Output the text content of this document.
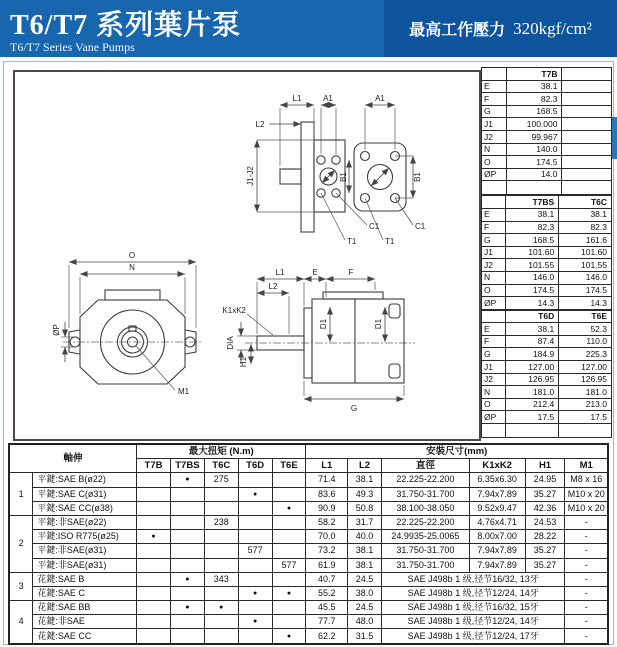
T6/T7 系列葉片泵
T6/T7 Series Vane Pumps
最高工作壓力 320kgf/cm²
L1
L2
A1	A1
J1-J2	B1	B1
C1
T1
C1
T1
O
N
ØP
M1
L1
L2
E	F
D1	D1
G
K1xK2
DIA
H1
	T7B	
E	38.1	
F	82.3	
G	168.5	
J1	100.000	
J2	99.967	
N	140.0	
O	174.5	
ØP	14.0	

	T7BS	T6C
E	38.1	38.1
F	82.3	82.3
G	168.5	161.6
J1	101.60	101.60
J2	101.55	101.55
N	146.0	146.0
O	174.5	174.5
ØP	14.3	14.3
	T6D	T6E
E	38.1	52.3
F	87.4	110.0
G	184.9	225.3
J1	127.00	127.00
J2	126.95	126.95
N	181.0	181.0
O	212.4	213.0
ØP	17.5	17.5

軸伸		最大扭矩 (N.m)					安裝尺寸(mm)					
		T7B	T7BS	T6C	T6D	T6E	L1	L2	直徑	K1xK2	H1	M1
1	平鍵:SAE B(ø22)		●	275			71.4	38.1	22.225-22.200	6.35x6.30	24.95	M8 x 16
	平鍵:SAE C(ø31)				●		83.6	49.3	31.750-31.700	7.94x7.89	35.27	M10 x 20
	平鍵:SAE CC(ø38)					●	90.9	50.8	38.100-38.050	9.52x9.47	42.36	M10 x 20
2	平鍵:非SAE(ø22)			238			58.2	31.7	22.225-22.200	4.76x4.71	24.53	-
	平鍵:ISO R775(ø25)	●					70.0	40.0	24.9935-25.0065	8.00x7.00	28.22	-
	平鍵:非SAE(ø31)				577		73.2	38.1	31.750-31.700	7.94x7.89	35.27	-
	平鍵:非SAE(ø31)					577	61.9	38.1	31.750-31.700	7.94x7.89	35.27	-
3	花鍵:SAE B		●	343			40.7	24.5	SAE J498b 1 级,径节16/32, 13牙			-
	花鍵:SAE C				●	●	55.2	38.0	SAE J498b 1 级,径节12/24, 14牙			-
4	花鍵:SAE BB		●	●			45.5	24.5	SAE J498b 1 级,径节16/32, 15牙			-
	花鍵:非SAE				●		77.7	48.0	SAE J498b 1 级,径节12/24, 14牙			-
	花鍵:SAE CC					●	62.2	31.5	SAE J498b 1 级,径节12/24, 17牙			-
